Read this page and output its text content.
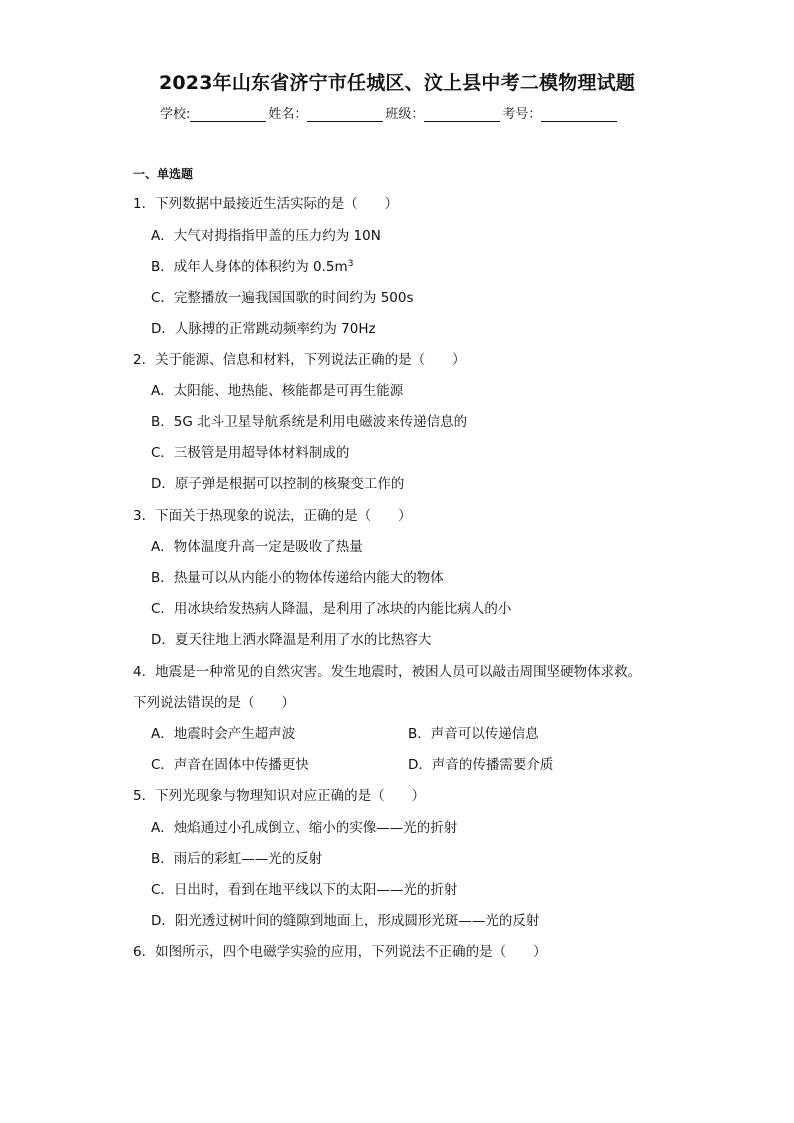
2023年山东省济宁市任城区、汶上县中考二模物理试题
学校:	姓名：	班级：	考号：
一、单选题
1．下列数据中最接近生活实际的是（　　）
A．大气对拇指指甲盖的压力约为 10N
B．成年人身体的体积约为 $0.5m^3$
C．完整播放一遍我国国歌的时间约为 500s
D．人脉搏的正常跳动频率约为 70Hz
2．关于能源、信息和材料，下列说法正确的是（　　）
A．太阳能、地热能、核能都是可再生能源
B．5G 北斗卫星导航系统是利用电磁波来传递信息的
C．三极管是用超导体材料制成的
D．原子弹是根据可以控制的核聚变工作的
3．下面关于热现象的说法，正确的是（　　）
A．物体温度升高一定是吸收了热量
B．热量可以从内能小的物体传递给内能大的物体
C．用冰块给发热病人降温，是利用了冰块的内能比病人的小
D．夏天往地上洒水降温是利用了水的比热容大
4．地震是一种常见的自然灾害。发生地震时，被困人员可以敲击周围坚硬物体求救。
下列说法错误的是（　　）
A．地震时会产生超声波	B．声音可以传递信息
C．声音在固体中传播更快	D．声音的传播需要介质
5．下列光现象与物理知识对应正确的是（　　）
A．烛焰通过小孔成倒立、缩小的实像——光的折射
B．雨后的彩虹——光的反射
C．日出时，看到在地平线以下的太阳——光的折射
D．阳光透过树叶间的缝隙到地面上，形成圆形光斑——光的反射
6．如图所示，四个电磁学实验的应用，下列说法不正确的是（　　）
